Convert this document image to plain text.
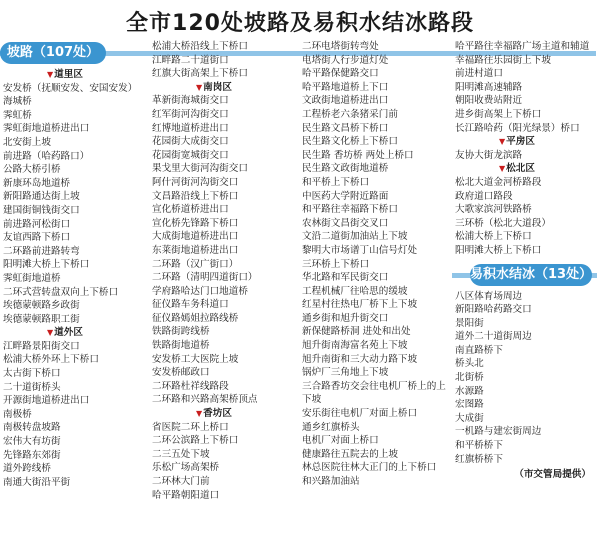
全市120处坡路及易积水结冰路段
坡路（107处）
▼道里区
安发桥（抚顺安发、安国安发）
海城桥
霁虹桥
霁虹街地道桥进出口
北安街上坡
前进路（哈药路口）
公路大桥引桥
新康环岛地道桥
新阳路通达街上坡
建国街铜钱街交口
前进路河松街口
友谊西路下桥口
二环路前进路转弯
阳明滩大桥上下桥口
霁虹街地道桥
二环式营转盘双向上下桥口
埃德蒙顿路乡政街
埃德蒙顿路职工街
▼道外区
江畔路景阳街交口
松浦大桥外环上下桥口
太古街下桥口
二十道街桥头
开源街地道桥进出口
南极桥
南极转盘坡路
宏伟大有坊街
先锋路东郊街
道外跨线桥
南通大街沿平街
松浦大桥沿线上下桥口
江畔路二十道街口
红旗大街高架上下桥口
▼南岗区
革新街海城街交口
红军街河沟街交口
红博地道桥进出口
花园街大成街交口
花园街宽城街交口
果戈里大街河沟街交口
阿什河街河沟街交口
文昌路沿线上下桥口
宣化桥道桥进出口
宣化桥先锋路下桥口
大成街地道桥进出口
东莱街地道桥进出口
二环路（汉广街口）
二环路（清明四道街口）
学府路哈达门口地道桥
征仪路车务科道口
征仪路嫣姐拉路线桥
铁路街跨线桥
铁路街地道桥
安发桥工大医院上坡
安发桥邮政口
二环路杜祥线路段
二环路和兴路高架桥顶点
▼香坊区
省医院二环上桥口
二环公滨路上下桥口
二三五处下坡
乐松广场高架桥
二环林大门前
哈平路朝阳道口
二环电塔街转弯处
电塔街人行步道灯处
哈平路保健路交口
哈平路地道桥上下口
文政街地道桥进出口
工程桥老六条猪采门前
民生路文昌桥下桥口
民生路文化桥上下桥口
民生路 香坊桥 两处上桥口
民生路文政街地道桥
和平桥上下桥口
中医药大学附近路面
和平路往幸福路下桥口
农林街文昌街交叉口
文沿二道街加油站上下坡
黎明大市场谱丁山信号灯处
三环桥上下桥口
华北路和军民街交口
工程机械厂往哈思的缓坡
红星村往热电厂桥下上下坡
通乡街和旭升街交口
新保健路桥洞 进处和出处
旭升街南海富名苑上下坡
旭升南街和三大动力路下坡
锅炉厂三角地上下坡
三合路香坊交会往电机厂桥上的上下坡
安乐街往电机厂对面上桥口
通乡红旗桥头
电机厂对面上桥口
健康路往五院去的上坡
林总医院往林大正门的上下桥口
和兴路加油站
哈平路往幸福路广场主道和辅道
幸福路往乐园街上下坡
前进村道口
阳明滩高速辅路
朝阳收费站附近
进乡街高架上下桥口
长江路哈药（阳光绿景）桥口
▼平房区
友协大街龙滨路
▼松北区
松北大道金河桥路段
政府道口路段
大歌家滨河铁路桥
三环桥（松北大道段）
松浦大桥上下桥口
阳明滩大桥上下桥口
易积水结冰（13处）
八区体育场周边
新阳路哈药路交口
景阳街
道外二十道街周边
南直路桥下
桥头北
北街桥
水源路
宏图路
大成街
一机路与建宏街周边
和平桥桥下
红旗桥桥下
（市交管局提供）
